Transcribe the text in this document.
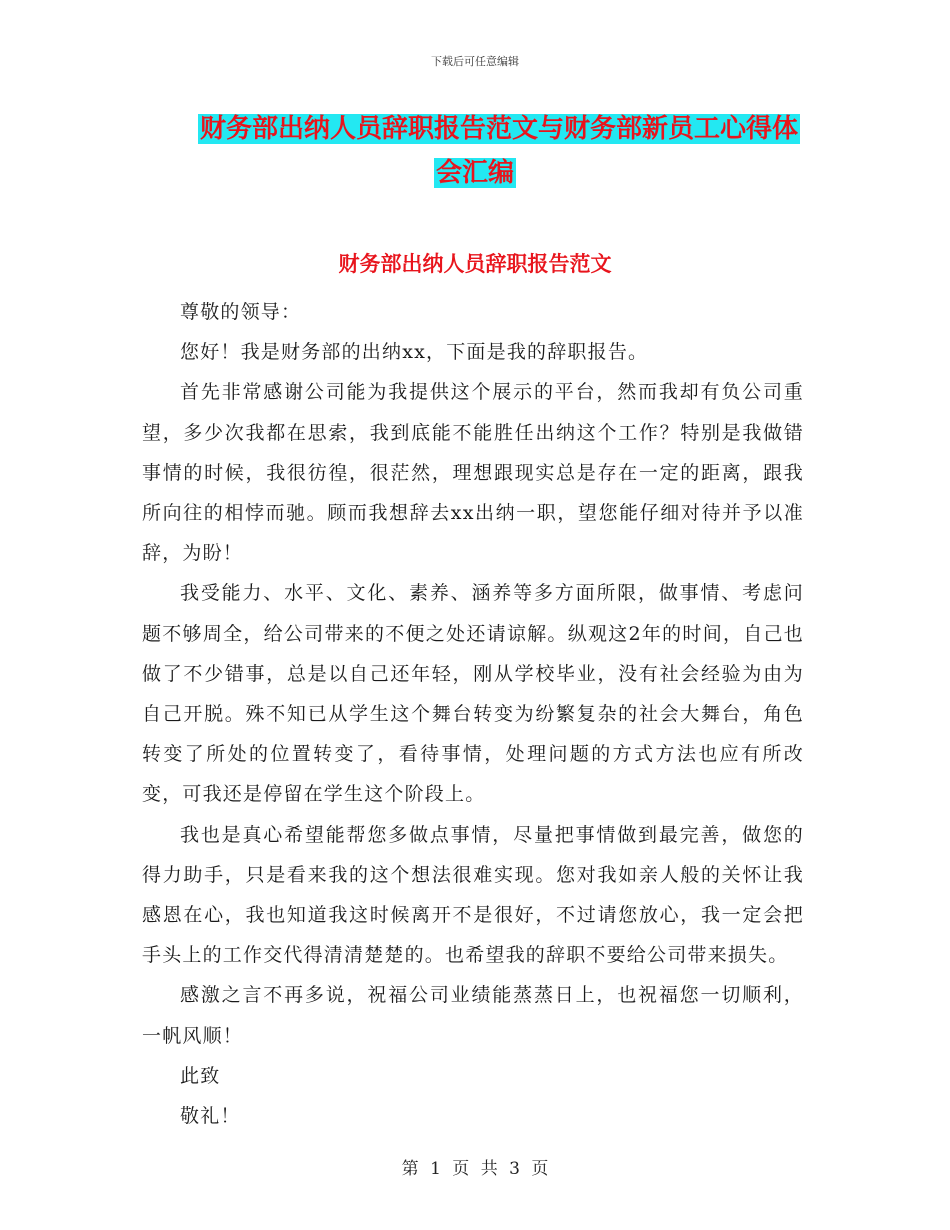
下载后可任意编辑
财务部出纳人员辞职报告范文与财务部新员工心得体
会汇编
财务部出纳人员辞职报告范文

尊敬的领导：

您好！我是财务部的出纳xx，下面是我的辞职报告。

首先非常感谢公司能为我提供这个展示的平台，然而我却有负公司重望，多少次我都在思索，我到底能不能胜任出纳这个工作？特别是我做错事情的时候，我很彷徨，很茫然，理想跟现实总是存在一定的距离，跟我所向往的相悖而驰。顾而我想辞去xx出纳一职，望您能仔细对待并予以准辞，为盼！

我受能力、水平、文化、素养、涵养等多方面所限，做事情、考虑问题不够周全，给公司带来的不便之处还请谅解。纵观这2年的时间，自己也做了不少错事，总是以自己还年轻，刚从学校毕业，没有社会经验为由为自己开脱。殊不知已从学生这个舞台转变为纷繁复杂的社会大舞台，角色转变了所处的位置转变了，看待事情，处理问题的方式方法也应有所改变，可我还是停留在学生这个阶段上。

我也是真心希望能帮您多做点事情，尽量把事情做到最完善，做您的得力助手，只是看来我的这个想法很难实现。您对我如亲人般的关怀让我感恩在心，我也知道我这时候离开不是很好，不过请您放心，我一定会把手头上的工作交代得清清楚楚的。也希望我的辞职不要给公司带来损失。

感激之言不再多说，祝福公司业绩能蒸蒸日上，也祝福您一切顺利，一帆风顺！

此致

敬礼！

第 1 页 共 3 页
